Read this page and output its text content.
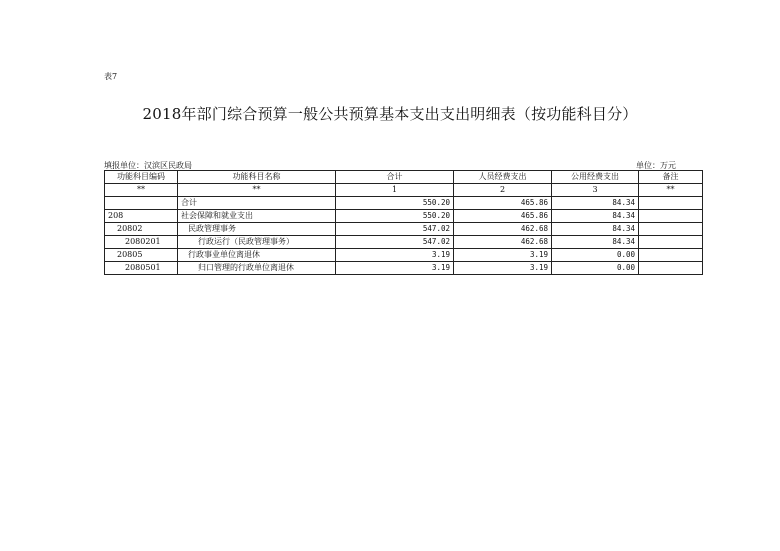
表7
2018年部门综合预算一般公共预算基本支出支出明细表（按功能科目分）
填报单位：汉滨区民政局	单位：万元
功能科目编码	功能科目名称	合计	人员经费支出	公用经费支出	备注
**	**	1	2	3	**
	合计	550.20	465.86	84.34	
208	社会保障和就业支出	550.20	465.86	84.34	
20802	民政管理事务	547.02	462.68	84.34	
2080201	行政运行（民政管理事务）	547.02	462.68	84.34	
20805	行政事业单位离退休	3.19	3.19	0.00	
2080501	归口管理的行政单位离退休	3.19	3.19	0.00	
